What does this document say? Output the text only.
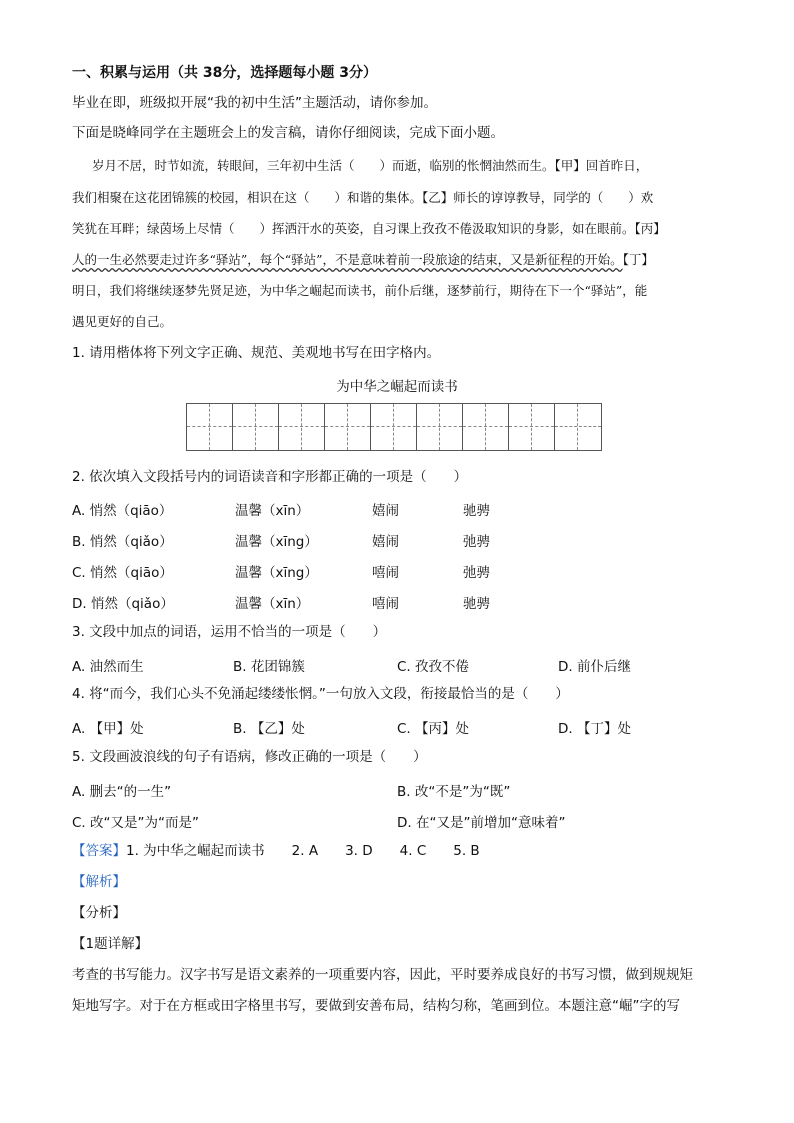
一、积累与运用（共 38分，选择题每小题 3分）
毕业在即，班级拟开展“我的初中生活”主题活动，请你参加。
下面是晓峰同学在主题班会上的发言稿，请你仔细阅读，完成下面小题。
岁月不居，时节如流，转眼间，三年初中生活（　　）而逝，临别的怅惘油然而生。【甲】回首昨日，
我们相聚在这花团锦簇的校园，相识在这（　　）和谐的集体。【乙】师长的谆谆教导，同学的（　　）欢
笑犹在耳畔；绿茵场上尽情（　　）挥洒汗水的英姿，自习课上孜孜不倦汲取知识的身影，如在眼前。【丙】
人的一生必然要走过许多“驿站”，每个“驿站”，不是意味着前一段旅途的结束，又是新征程的开始。【丁】
明日，我们将继续逐梦先贤足迹，为中华之崛起而读书，前仆后继，逐梦前行，期待在下一个“驿站”，能
遇见更好的自己。
1. 请用楷体将下列文字正确、规范、美观地书写在田字格内。
为中华之崛起而读书
2. 依次填入文段括号内的词语读音和字形都正确的一项是（　　）
A. 悄然（qiāo）	温馨（xīn）	嬉闹	驰骋
B. 悄然（qiǎo）	温馨（xīng）	嬉闹	弛骋
C. 悄然（qiāo）	温馨（xīng）	嘻闹	弛骋
D. 悄然（qiǎo）	温馨（xīn）	嘻闹	驰骋
3. 文段中加点的词语，运用不恰当的一项是（　　）
A. 油然而生	B. 花团锦簇	C. 孜孜不倦	D. 前仆后继
4. 将“而今，我们心头不免涌起缕缕怅惘。”一句放入文段，衔接最恰当的是（　　）
A. 【甲】处	B. 【乙】处	C. 【丙】处	D. 【丁】处
5. 文段画波浪线的句子有语病，修改正确的一项是（　　）
A. 删去“的一生”	B. 改“不是”为“既”
C. 改“又是”为“而是”	D. 在“又是”前增加“意味着”
【答案】1. 为中华之崛起而读书　　2. A　　3. D　　4. C　　5. B
【解析】
【分析】
【1题详解】
考查的书写能力。汉字书写是语文素养的一项重要内容，因此，平时要养成良好的书写习惯，做到规规矩
矩地写字。对于在方框或田字格里书写，要做到安善布局，结构匀称，笔画到位。本题注意“崛”字的写
